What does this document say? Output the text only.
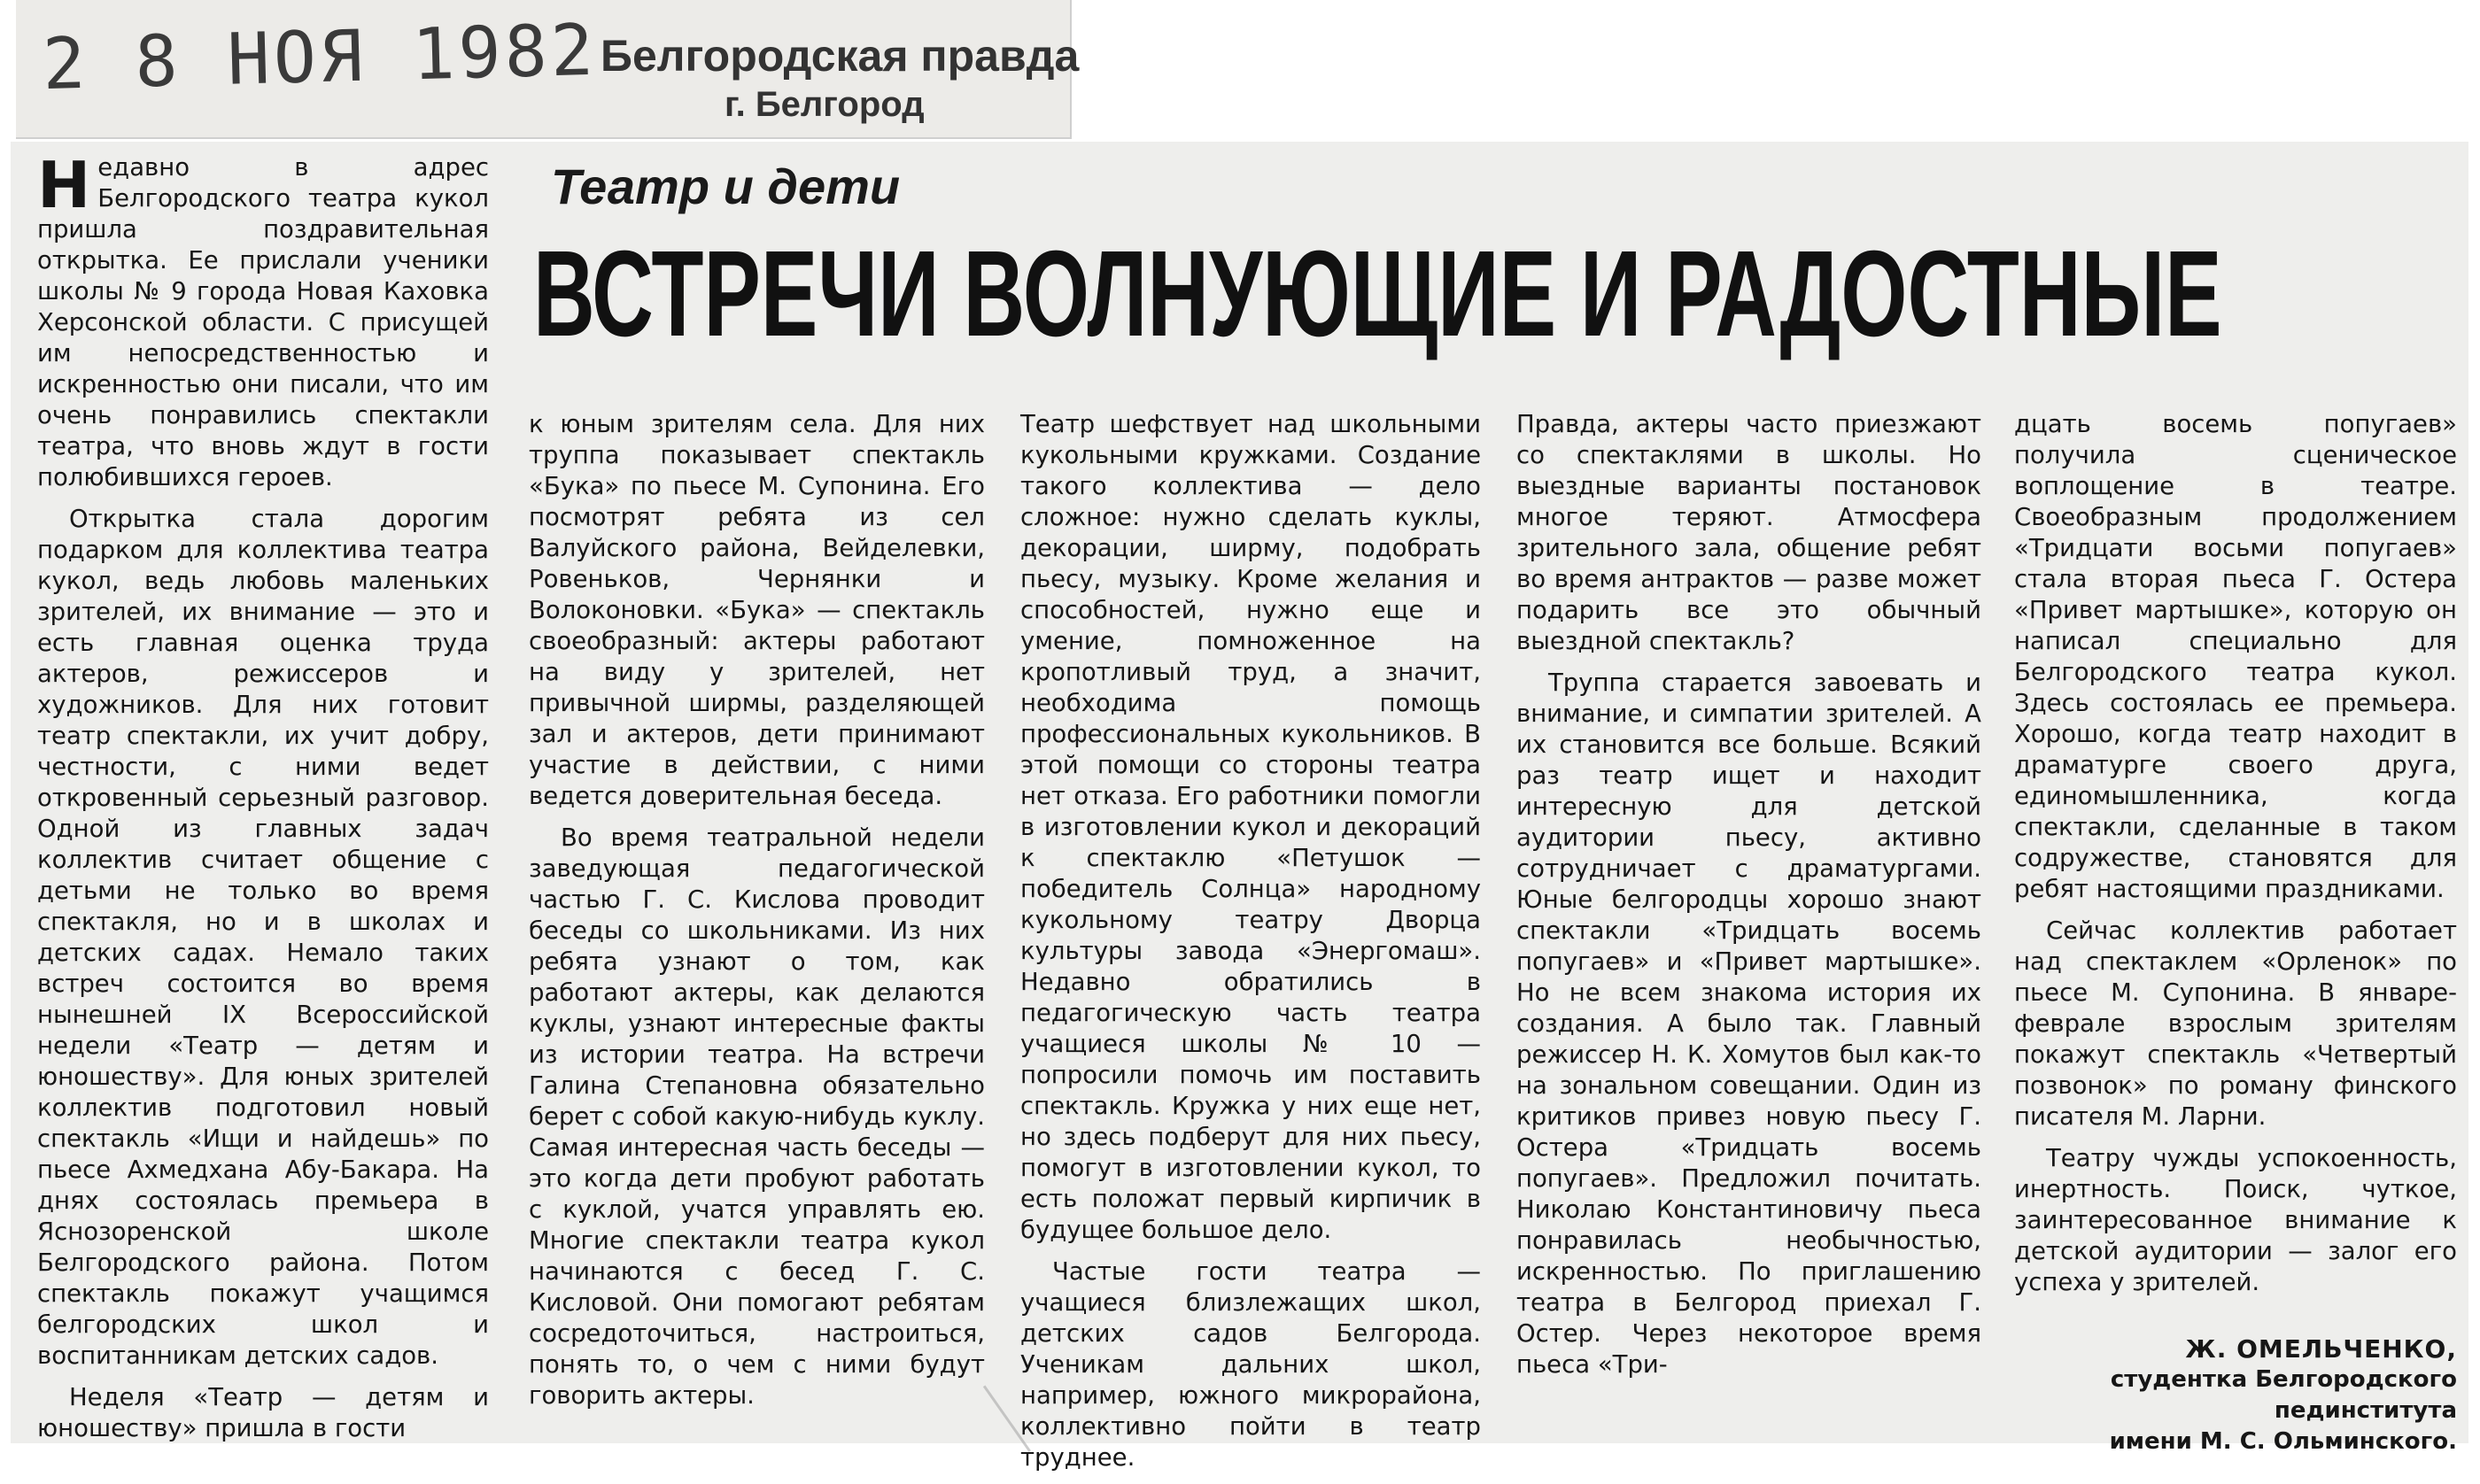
2 8 НОЯ 1982 Белгородская правда
г. Белгород
Театр и дети
ВСТРЕЧИ ВОЛНУЮЩИЕ И РАДОСТНЫЕ

Недавно в адрес Белгородского театра кукол пришла поздравительная открытка. Ее прислали ученики школы № 9 города Новая Каховка Херсонской области. С присущей им непосредственностью и искренностью они писали, что им очень понравились спектакли театра, что вновь ждут в гости полюбившихся героев.

Открытка стала дорогим подарком для коллектива театра кукол, ведь любовь маленьких зрителей, их внимание — это и есть главная оценка труда актеров, режиссеров и художников. Для них готовит театр спектакли, их учит добру, честности, с ними ведет откровенный серьезный разговор. Одной из главных задач коллектив считает общение с детьми не только во время спектакля, но и в школах и детских садах. Немало таких встреч состоится во время нынешней IX Всероссийской недели «Театр — детям и юношеству». Для юных зрителей коллектив подготовил новый спектакль «Ищи и найдешь» по пьесе Ахмедхана Абу-Бакара. На днях состоялась премьера в Яснозоренской школе Белгородского района. Потом спектакль покажут учащимся белгородских школ и воспитанникам детских садов.

Неделя «Театр — детям и юношеству» пришла в гости

к юным зрителям села. Для них труппа показывает спектакль «Бука» по пьесе М. Супонина. Его посмотрят ребята из сел Валуйского района, Вейделевки, Ровеньков, Чернянки и Волоконовки. «Бука» — спектакль своеобразный: актеры работают на виду у зрителей, нет привычной ширмы, разделяющей зал и актеров, дети принимают участие в действии, с ними ведется доверительная беседа.

Во время театральной недели заведующая педагогической частью Г. С. Кислова проводит беседы со школьниками. Из них ребята узнают о том, как работают актеры, как делаются куклы, узнают интересные факты из истории театра. На встречи Галина Степановна обязательно берет с собой какую-нибудь куклу. Самая интересная часть беседы — это когда дети пробуют работать с куклой, учатся управлять ею. Многие спектакли театра кукол начинаются с бесед Г. С. Кисловой. Они помогают ребятам сосредоточиться, настроиться, понять то, о чем с ними будут говорить актеры.

Театр шефствует над школьными кукольными кружками. Создание такого коллектива — дело сложное: нужно сделать куклы, декорации, ширму, подобрать пьесу, музыку. Кроме желания и способностей, нужно еще и умение, помноженное на кропотливый труд, а значит, необходима помощь профессиональных кукольников. В этой помощи со стороны театра нет отказа. Его работники помогли в изготовлении кукол и декораций к спектаклю «Петушок — победитель Солнца» народному кукольному театру Дворца культуры завода «Энергомаш». Недавно обратились в педагогическую часть театра учащиеся школы № 10 — попросили помочь им поставить спектакль. Кружка у них еще нет, но здесь подберут для них пьесу, помогут в изготовлении кукол, то есть положат первый кирпичик в будущее большое дело.

Частые гости театра — учащиеся близлежащих школ, детских садов Белгорода. Ученикам дальних школ, например, южного микрорайона, коллективно пойти в театр труднее.

Правда, актеры часто приезжают со спектаклями в школы. Но выездные варианты постановок многое теряют. Атмосфера зрительного зала, общение ребят во время антрактов — разве может подарить все это обычный выездной спектакль?

Труппа старается завоевать и внимание, и симпатии зрителей. А их становится все больше. Всякий раз театр ищет и находит интересную для детской аудитории пьесу, активно сотрудничает с драматургами. Юные белгородцы хорошо знают спектакли «Тридцать восемь попугаев» и «Привет мартышке». Но не всем знакома история их создания. А было так. Главный режиссер Н. К. Хомутов был как-то на зональном совещании. Один из критиков привез новую пьесу Г. Остера «Тридцать восемь попугаев». Предложил почитать. Николаю Константиновичу пьеса понравилась необычностью, искренностью. По приглашению театра в Белгород приехал Г. Остер. Через некоторое время пьеса «Три-

дцать восемь попугаев» получила сценическое воплощение в театре. Своеобразным продолжением «Тридцати восьми попугаев» стала вторая пьеса Г. Остера «Привет мартышке», которую он написал специально для Белгородского театра кукол. Здесь состоялась ее премьера. Хорошо, когда театр находит в драматурге своего друга, единомышленника, когда спектакли, сделанные в таком содружестве, становятся для ребят настоящими праздниками.

Сейчас коллектив работает над спектаклем «Орленок» по пьесе М. Супонина. В январе-феврале взрослым зрителям покажут спектакль «Четвертый позвонок» по роману финского писателя М. Ларни.

Театру чужды успокоенность, инертность. Поиск, чуткое, заинтересованное внимание к детской аудитории — залог его успеха у зрителей.

Ж. ОМЕЛЬЧЕНКО,
студентка Белгородского
пединститута
имени М. С. Ольминского.
